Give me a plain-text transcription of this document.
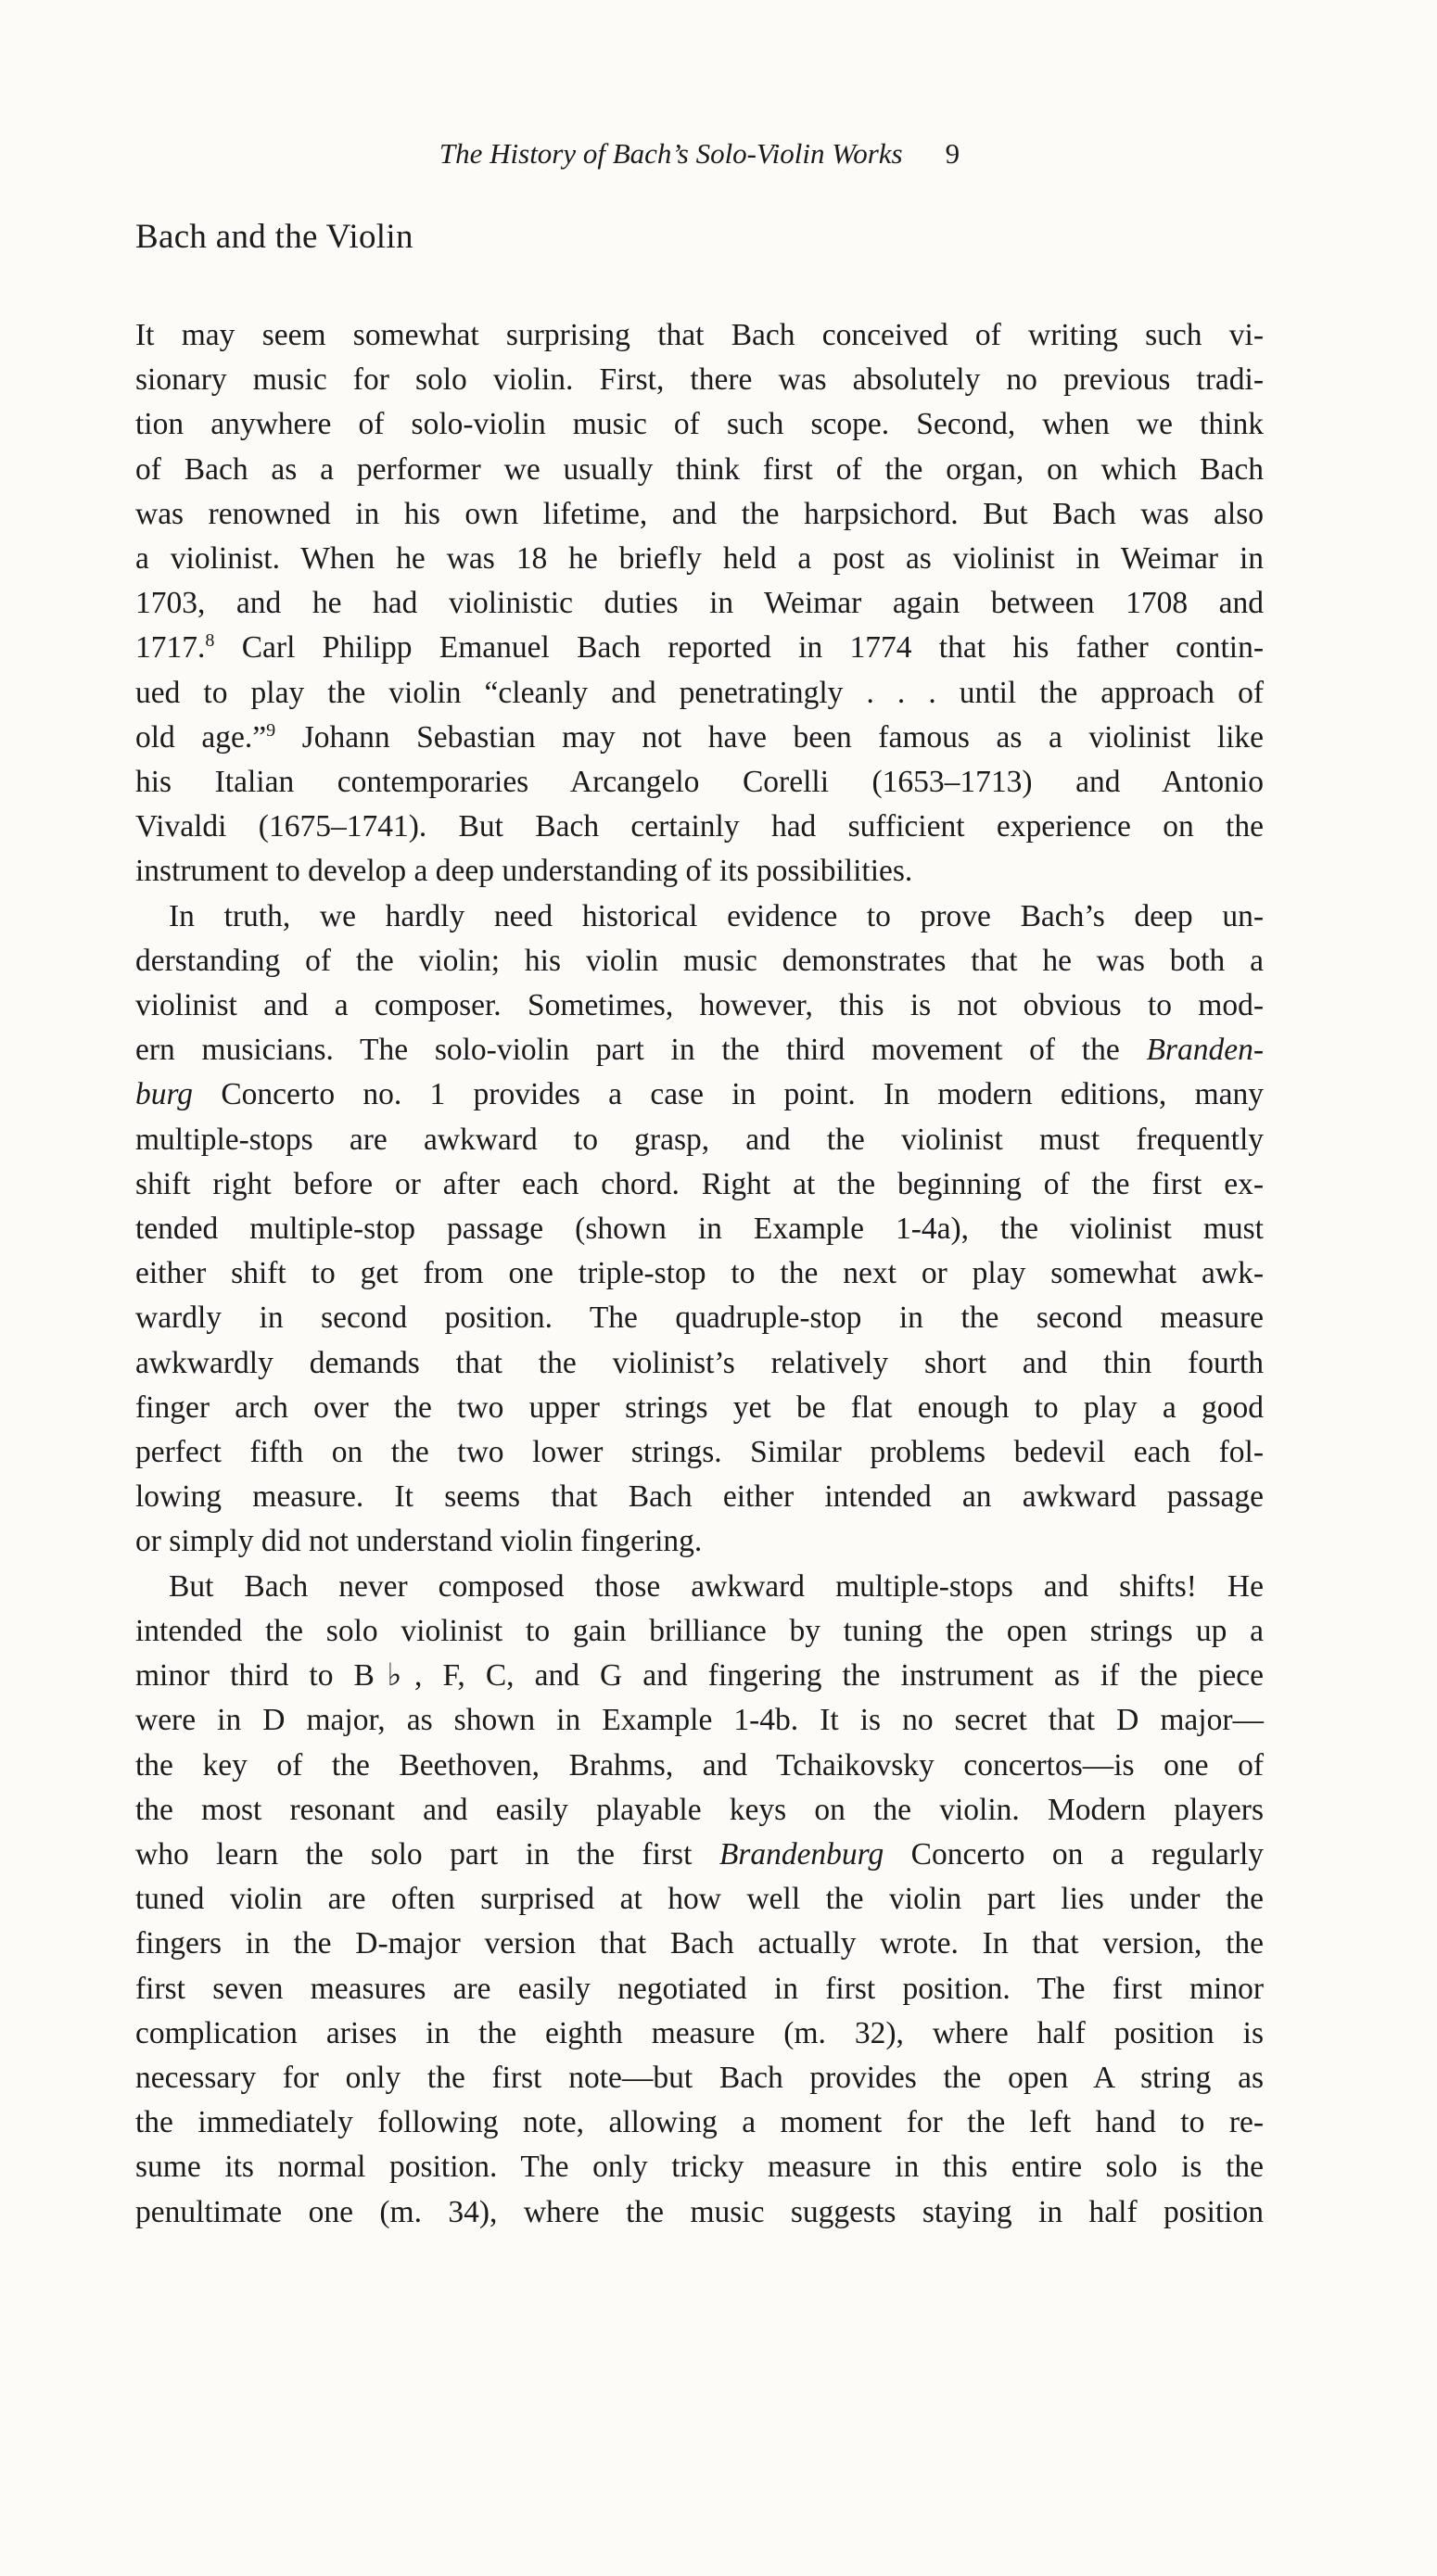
The History of Bach’s Solo-Violin Works 9
Bach and the Violin
It may seem somewhat surprising that Bach conceived of writing such vi-
sionary music for solo violin. First, there was absolutely no previous tradi-
tion anywhere of solo-violin music of such scope. Second, when we think
of Bach as a performer we usually think first of the organ, on which Bach
was renowned in his own lifetime, and the harpsichord. But Bach was also
a violinist. When he was 18 he briefly held a post as violinist in Weimar in
1703, and he had violinistic duties in Weimar again between 1708 and
1717.$^8$ Carl Philipp Emanuel Bach reported in 1774 that his father contin-
ued to play the violin “cleanly and penetratingly . . . until the approach of
old age.”$^9$ Johann Sebastian may not have been famous as a violinist like
his Italian contemporaries Arcangelo Corelli (1653–1713) and Antonio
Vivaldi (1675–1741). But Bach certainly had sufficient experience on the
instrument to develop a deep understanding of its possibilities.
In truth, we hardly need historical evidence to prove Bach’s deep un-
derstanding of the violin; his violin music demonstrates that he was both a
violinist and a composer. Sometimes, however, this is not obvious to mod-
ern musicians. The solo-violin part in the third movement of the Branden-
burg Concerto no. 1 provides a case in point. In modern editions, many
multiple-stops are awkward to grasp, and the violinist must frequently
shift right before or after each chord. Right at the beginning of the first ex-
tended multiple-stop passage (shown in Example 1-4a), the violinist must
either shift to get from one triple-stop to the next or play somewhat awk-
wardly in second position. The quadruple-stop in the second measure
awkwardly demands that the violinist’s relatively short and thin fourth
finger arch over the two upper strings yet be flat enough to play a good
perfect fifth on the two lower strings. Similar problems bedevil each fol-
lowing measure. It seems that Bach either intended an awkward passage
or simply did not understand violin fingering.
But Bach never composed those awkward multiple-stops and shifts! He
intended the solo violinist to gain brilliance by tuning the open strings up a
minor third to B♭, F, C, and G and fingering the instrument as if the piece
were in D major, as shown in Example 1-4b. It is no secret that D major—
the key of the Beethoven, Brahms, and Tchaikovsky concertos—is one of
the most resonant and easily playable keys on the violin. Modern players
who learn the solo part in the first Brandenburg Concerto on a regularly
tuned violin are often surprised at how well the violin part lies under the
fingers in the D-major version that Bach actually wrote. In that version, the
first seven measures are easily negotiated in first position. The first minor
complication arises in the eighth measure (m. 32), where half position is
necessary for only the first note—but Bach provides the open A string as
the immediately following note, allowing a moment for the left hand to re-
sume its normal position. The only tricky measure in this entire solo is the
penultimate one (m. 34), where the music suggests staying in half position
